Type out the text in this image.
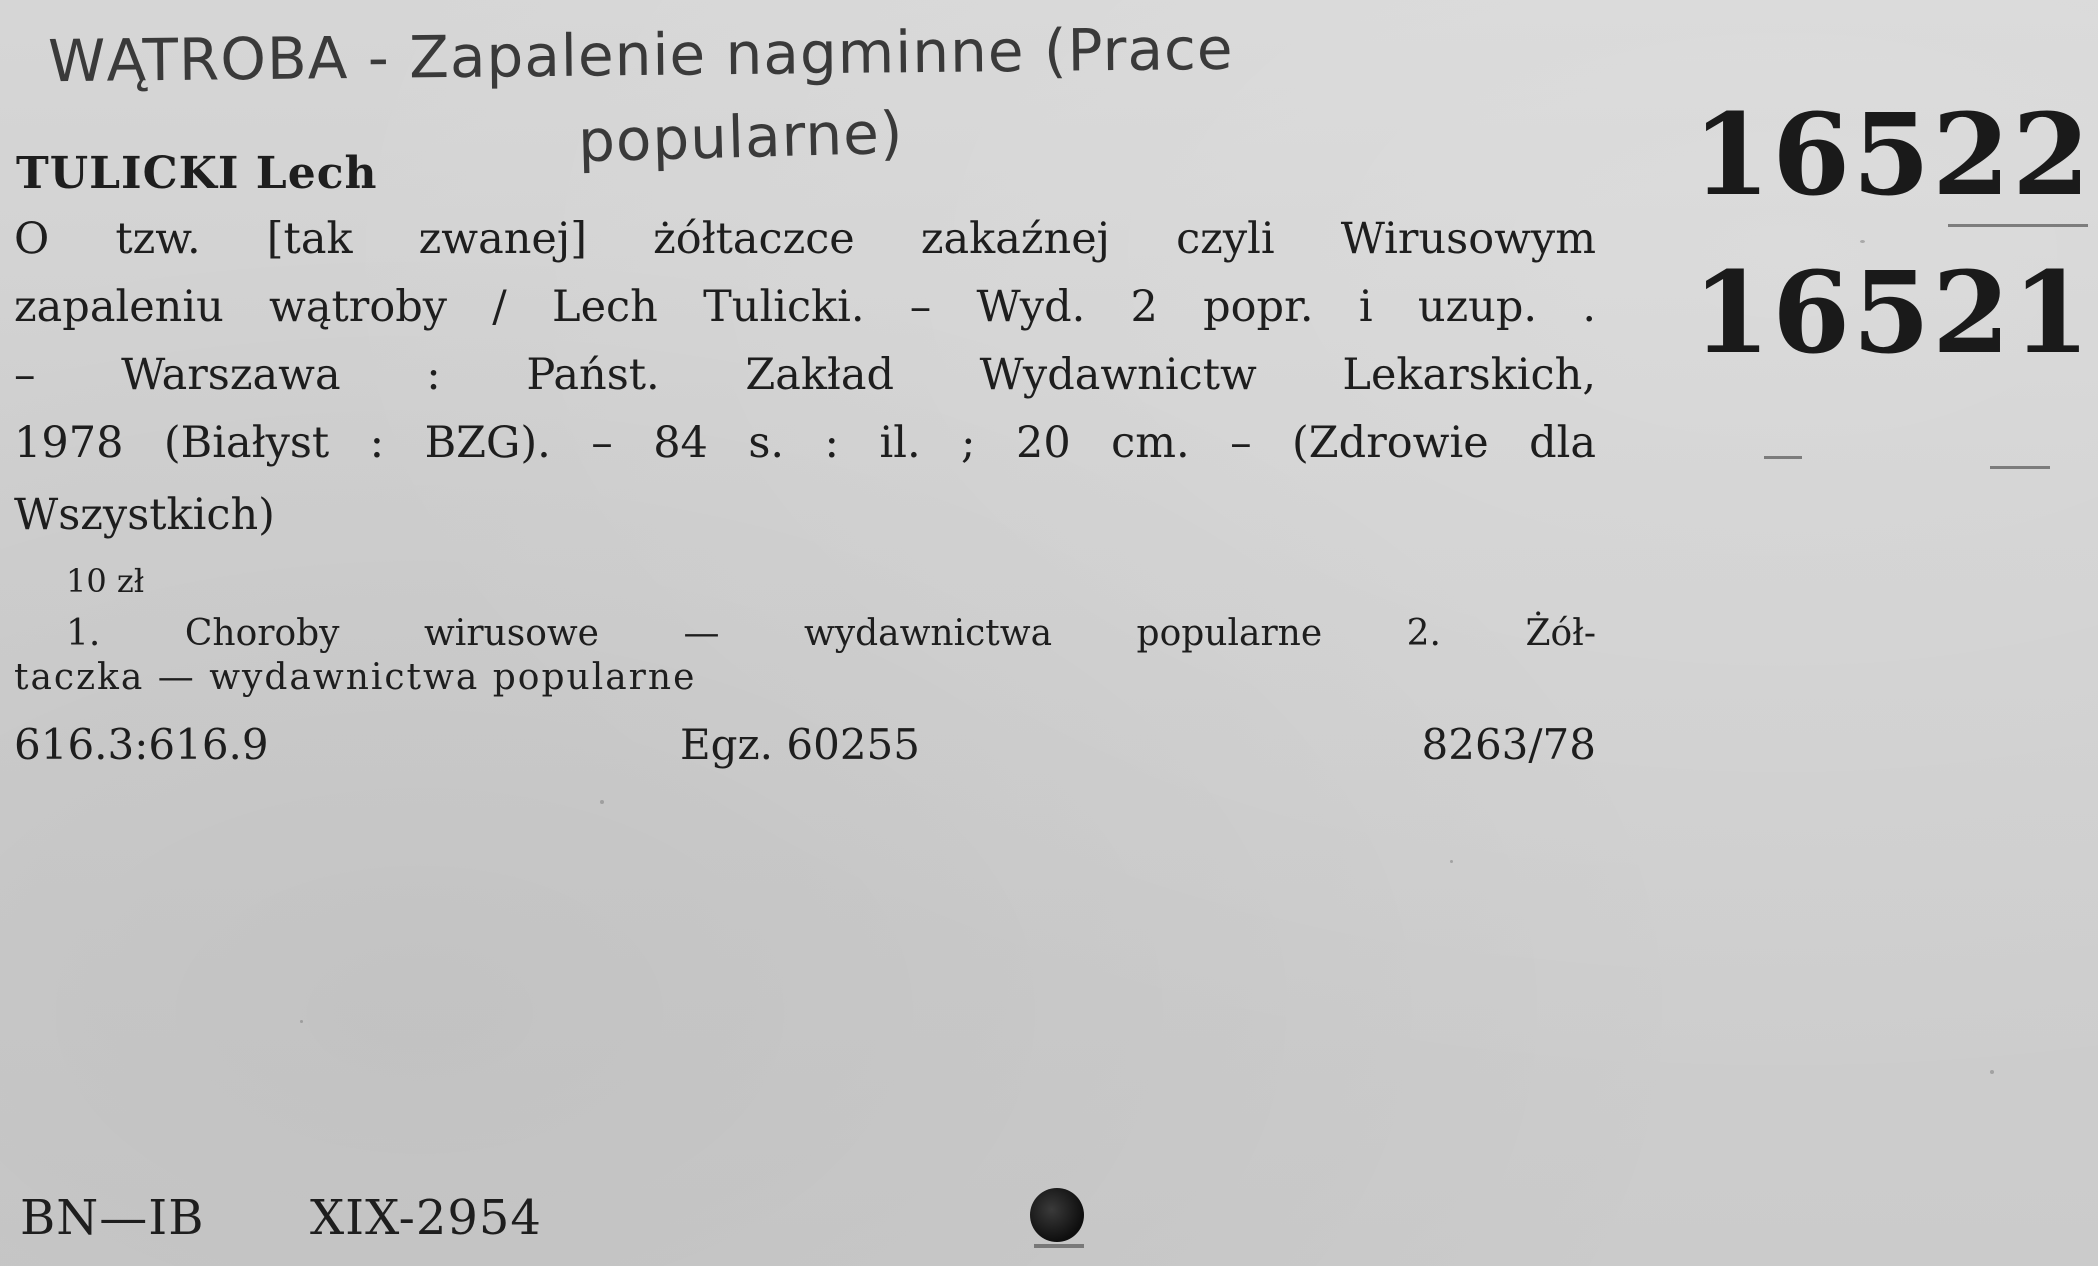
WĄTROBA - Zapalenie nagminne (Prace
popularne)	16522
16521
TULICKI Lech
O tzw. [tak zwanej] żółtaczce zakaźnej czyli Wirusowym
zapaleniu wątroby / Lech Tulicki. – Wyd. 2 popr. i uzup. .
– Warszawa : Państ. Zakład Wydawnictw Lekarskich,
1978 (Białyst : BZG). – 84 s. : il. ; 20 cm. – (Zdrowie dla
Wszystkich)
10 zł
1. Choroby wirusowe — wydawnictwa popularne 2. Żół-
taczka — wydawnictwa popularne
616.3:616.9	Egz. 60255	8263/78
BN—IB XIX-2954
